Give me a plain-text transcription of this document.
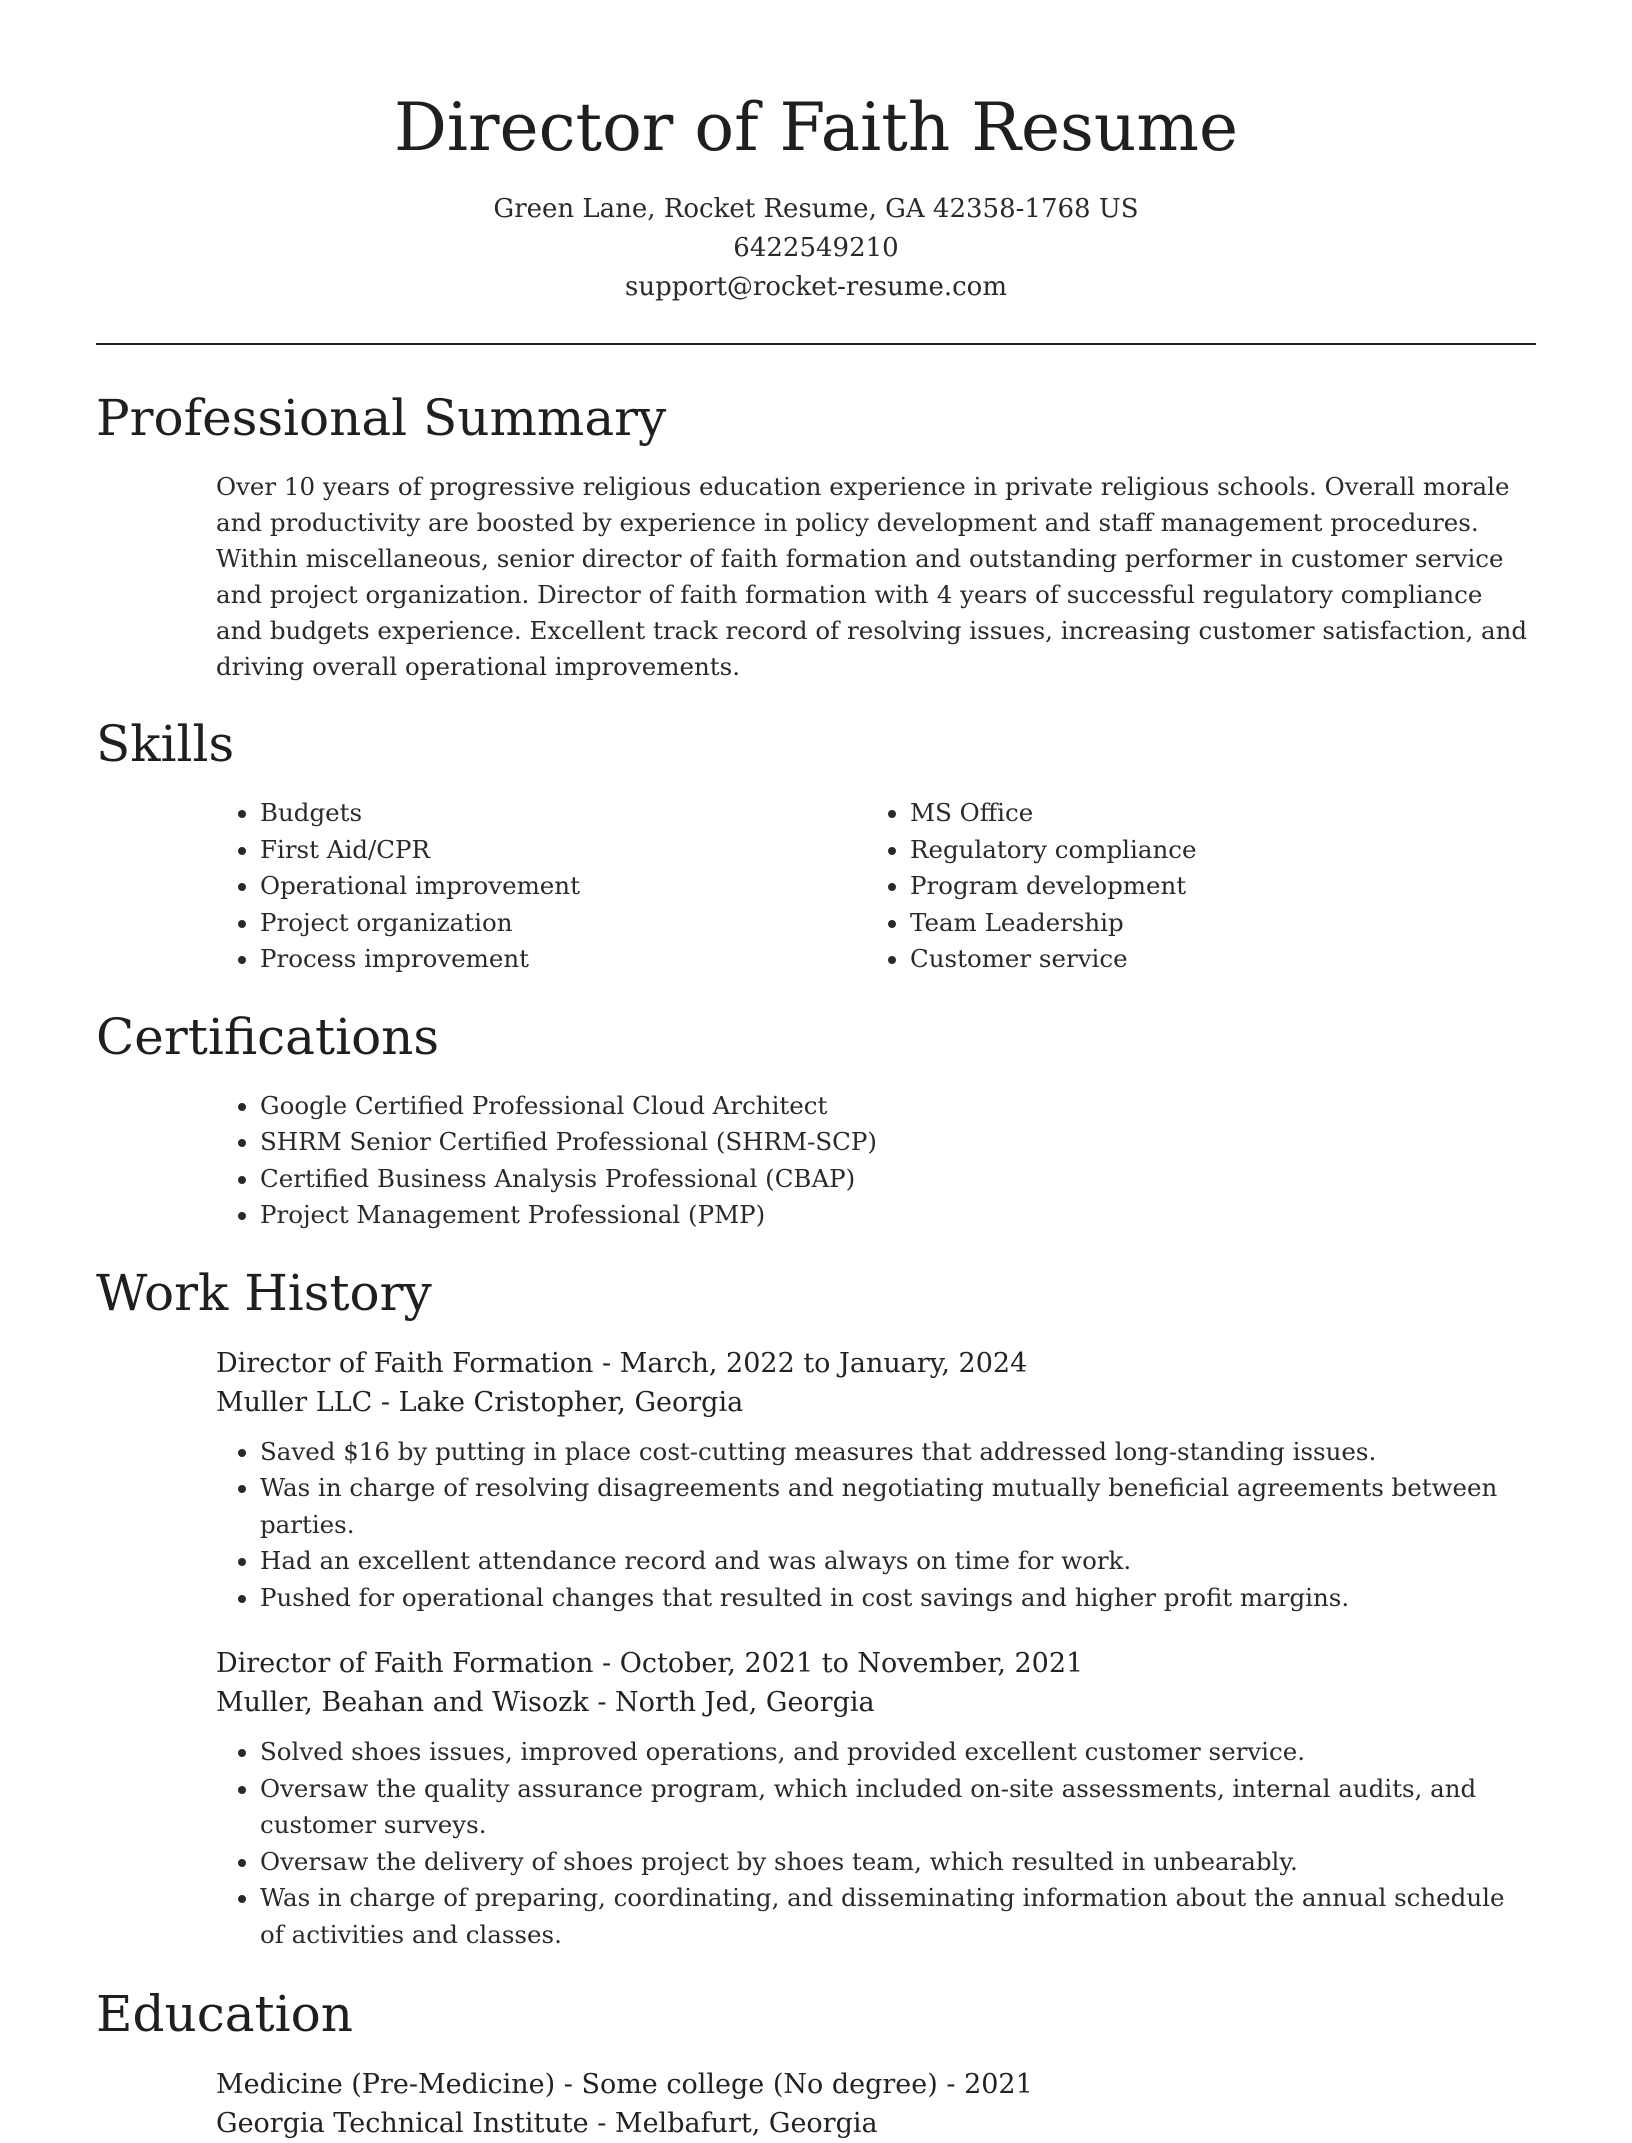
Director of Faith Resume

Green Lane, Rocket Resume, GA 42358-1768 US

6422549210

support@rocket-resume.com

Professional Summary

Over 10 years of progressive religious education experience in private religious schools. Overall morale and productivity are boosted by experience in policy development and staff management procedures. Within miscellaneous, senior director of faith formation and outstanding performer in customer service and project organization. Director of faith formation with 4 years of successful regulatory compliance and budgets experience. Excellent track record of resolving issues, increasing customer satisfaction, and driving overall operational improvements.

Skills
• Budgets
• First Aid/CPR
• Operational improvement
• Project organization
• Process improvement
• MS Office
• Regulatory compliance
• Program development
• Team Leadership
• Customer service
Certifications
• Google Certified Professional Cloud Architect
• SHRM Senior Certified Professional (SHRM-SCP)
• Certified Business Analysis Professional (CBAP)
• Project Management Professional (PMP)
Work History

Director of Faith Formation - March, 2022 to January, 2024

Muller LLC - Lake Cristopher, Georgia

• Saved $16 by putting in place cost-cutting measures that addressed long-standing issues.
• Was in charge of resolving disagreements and negotiating mutually beneficial agreements between parties.
• Had an excellent attendance record and was always on time for work.
• Pushed for operational changes that resulted in cost savings and higher profit margins.

Director of Faith Formation - October, 2021 to November, 2021

Muller, Beahan and Wisozk - North Jed, Georgia

• Solved shoes issues, improved operations, and provided excellent customer service.
• Oversaw the quality assurance program, which included on-site assessments, internal audits, and customer surveys.
• Oversaw the delivery of shoes project by shoes team, which resulted in unbearably.
• Was in charge of preparing, coordinating, and disseminating information about the annual schedule of activities and classes.
Education

Medicine (Pre-Medicine) - Some college (No degree) - 2021

Georgia Technical Institute - Melbafurt, Georgia
